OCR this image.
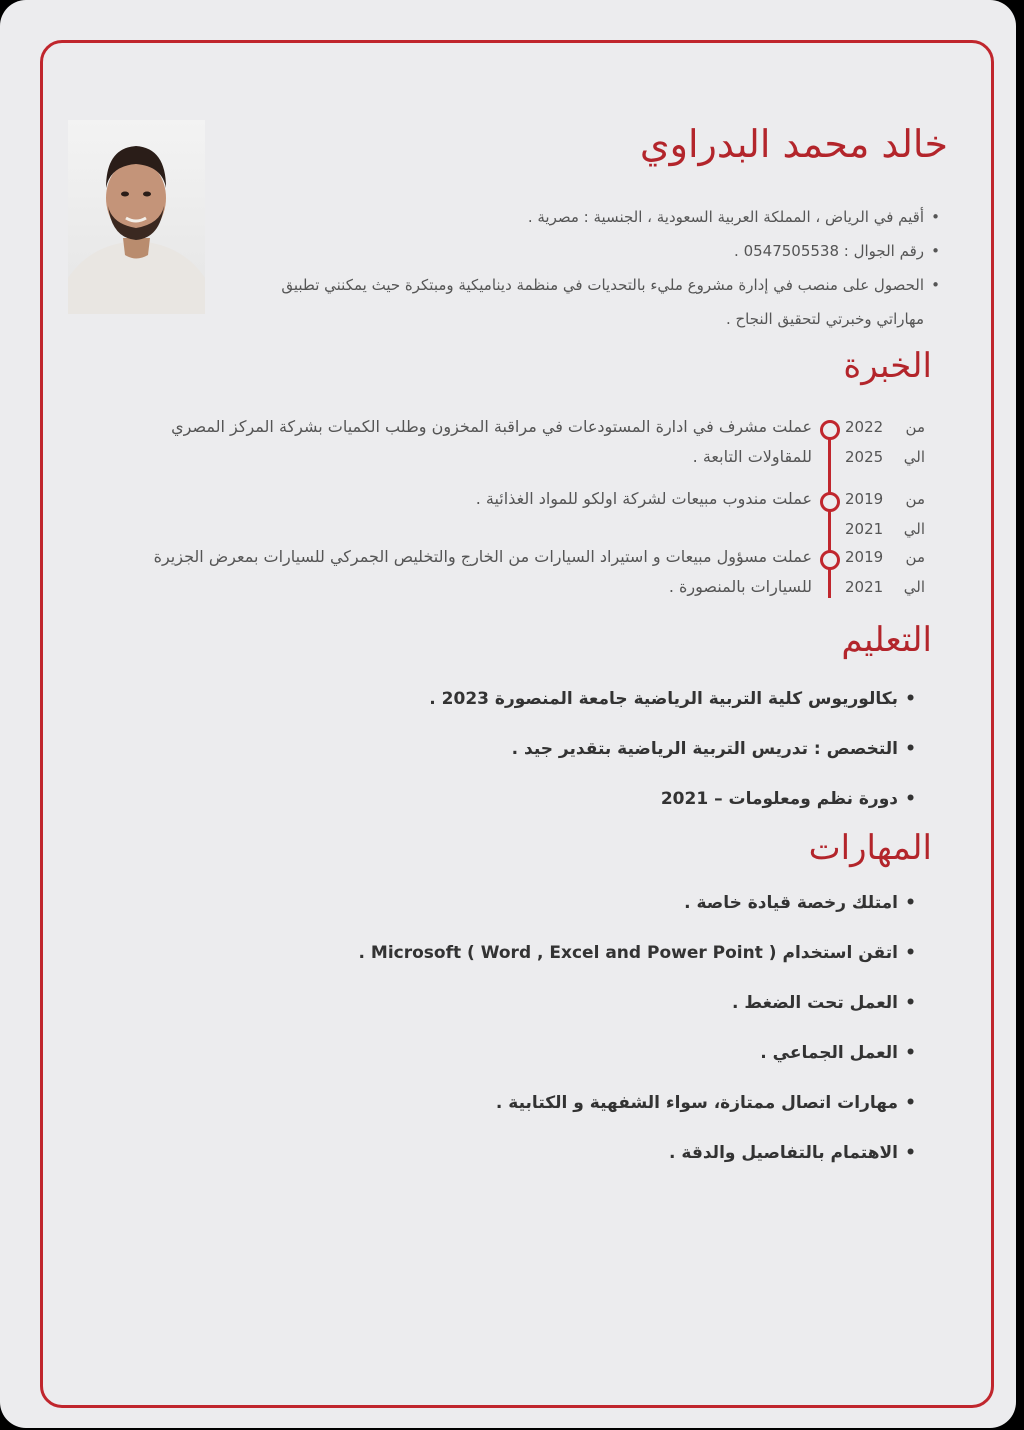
خالد محمد البدراوي
• أقيم في الرياض ، المملكة العربية السعودية ، الجنسية : مصرية .
• رقم الجوال : 0547505538 .
• الحصول على منصب في إدارة مشروع مليء بالتحديات في منظمة ديناميكية ومبتكرة حيث يمكنني تطبيق مهاراتي وخبرتي لتحقيق النجاح .
الخبرة
عملت مشرف في ادارة المستودعات في مراقبة المخزون وطلب الكميات بشركة المركز المصري للمقاولات التابعة .
2022 من
2025 الي
عملت مندوب مبيعات لشركة اولكو للمواد الغذائية . 2019 من
2021 الي
عملت مسؤول مبيعات و استيراد السيارات من الخارج والتخليص الجمركي للسيارات بمعرض الجزيرة للسيارات بالمنصورة .
2019 من
2021 الي
التعليم
• بكالوريوس كلية التربية الرياضية جامعة المنصورة 2023 .
• التخصص : تدريس التربية الرياضية بتقدير جيد .
• دورة نظم ومعلومات – 2021
المهارات
• امتلك رخصة قيادة خاصة .
• اتقن استخدام Microsoft ( Word , Excel and Power Point ) .
• العمل تحت الضغط .
• العمل الجماعي .
• مهارات اتصال ممتازة، سواء الشفهية و الكتابية .
• الاهتمام بالتفاصيل والدقة .
